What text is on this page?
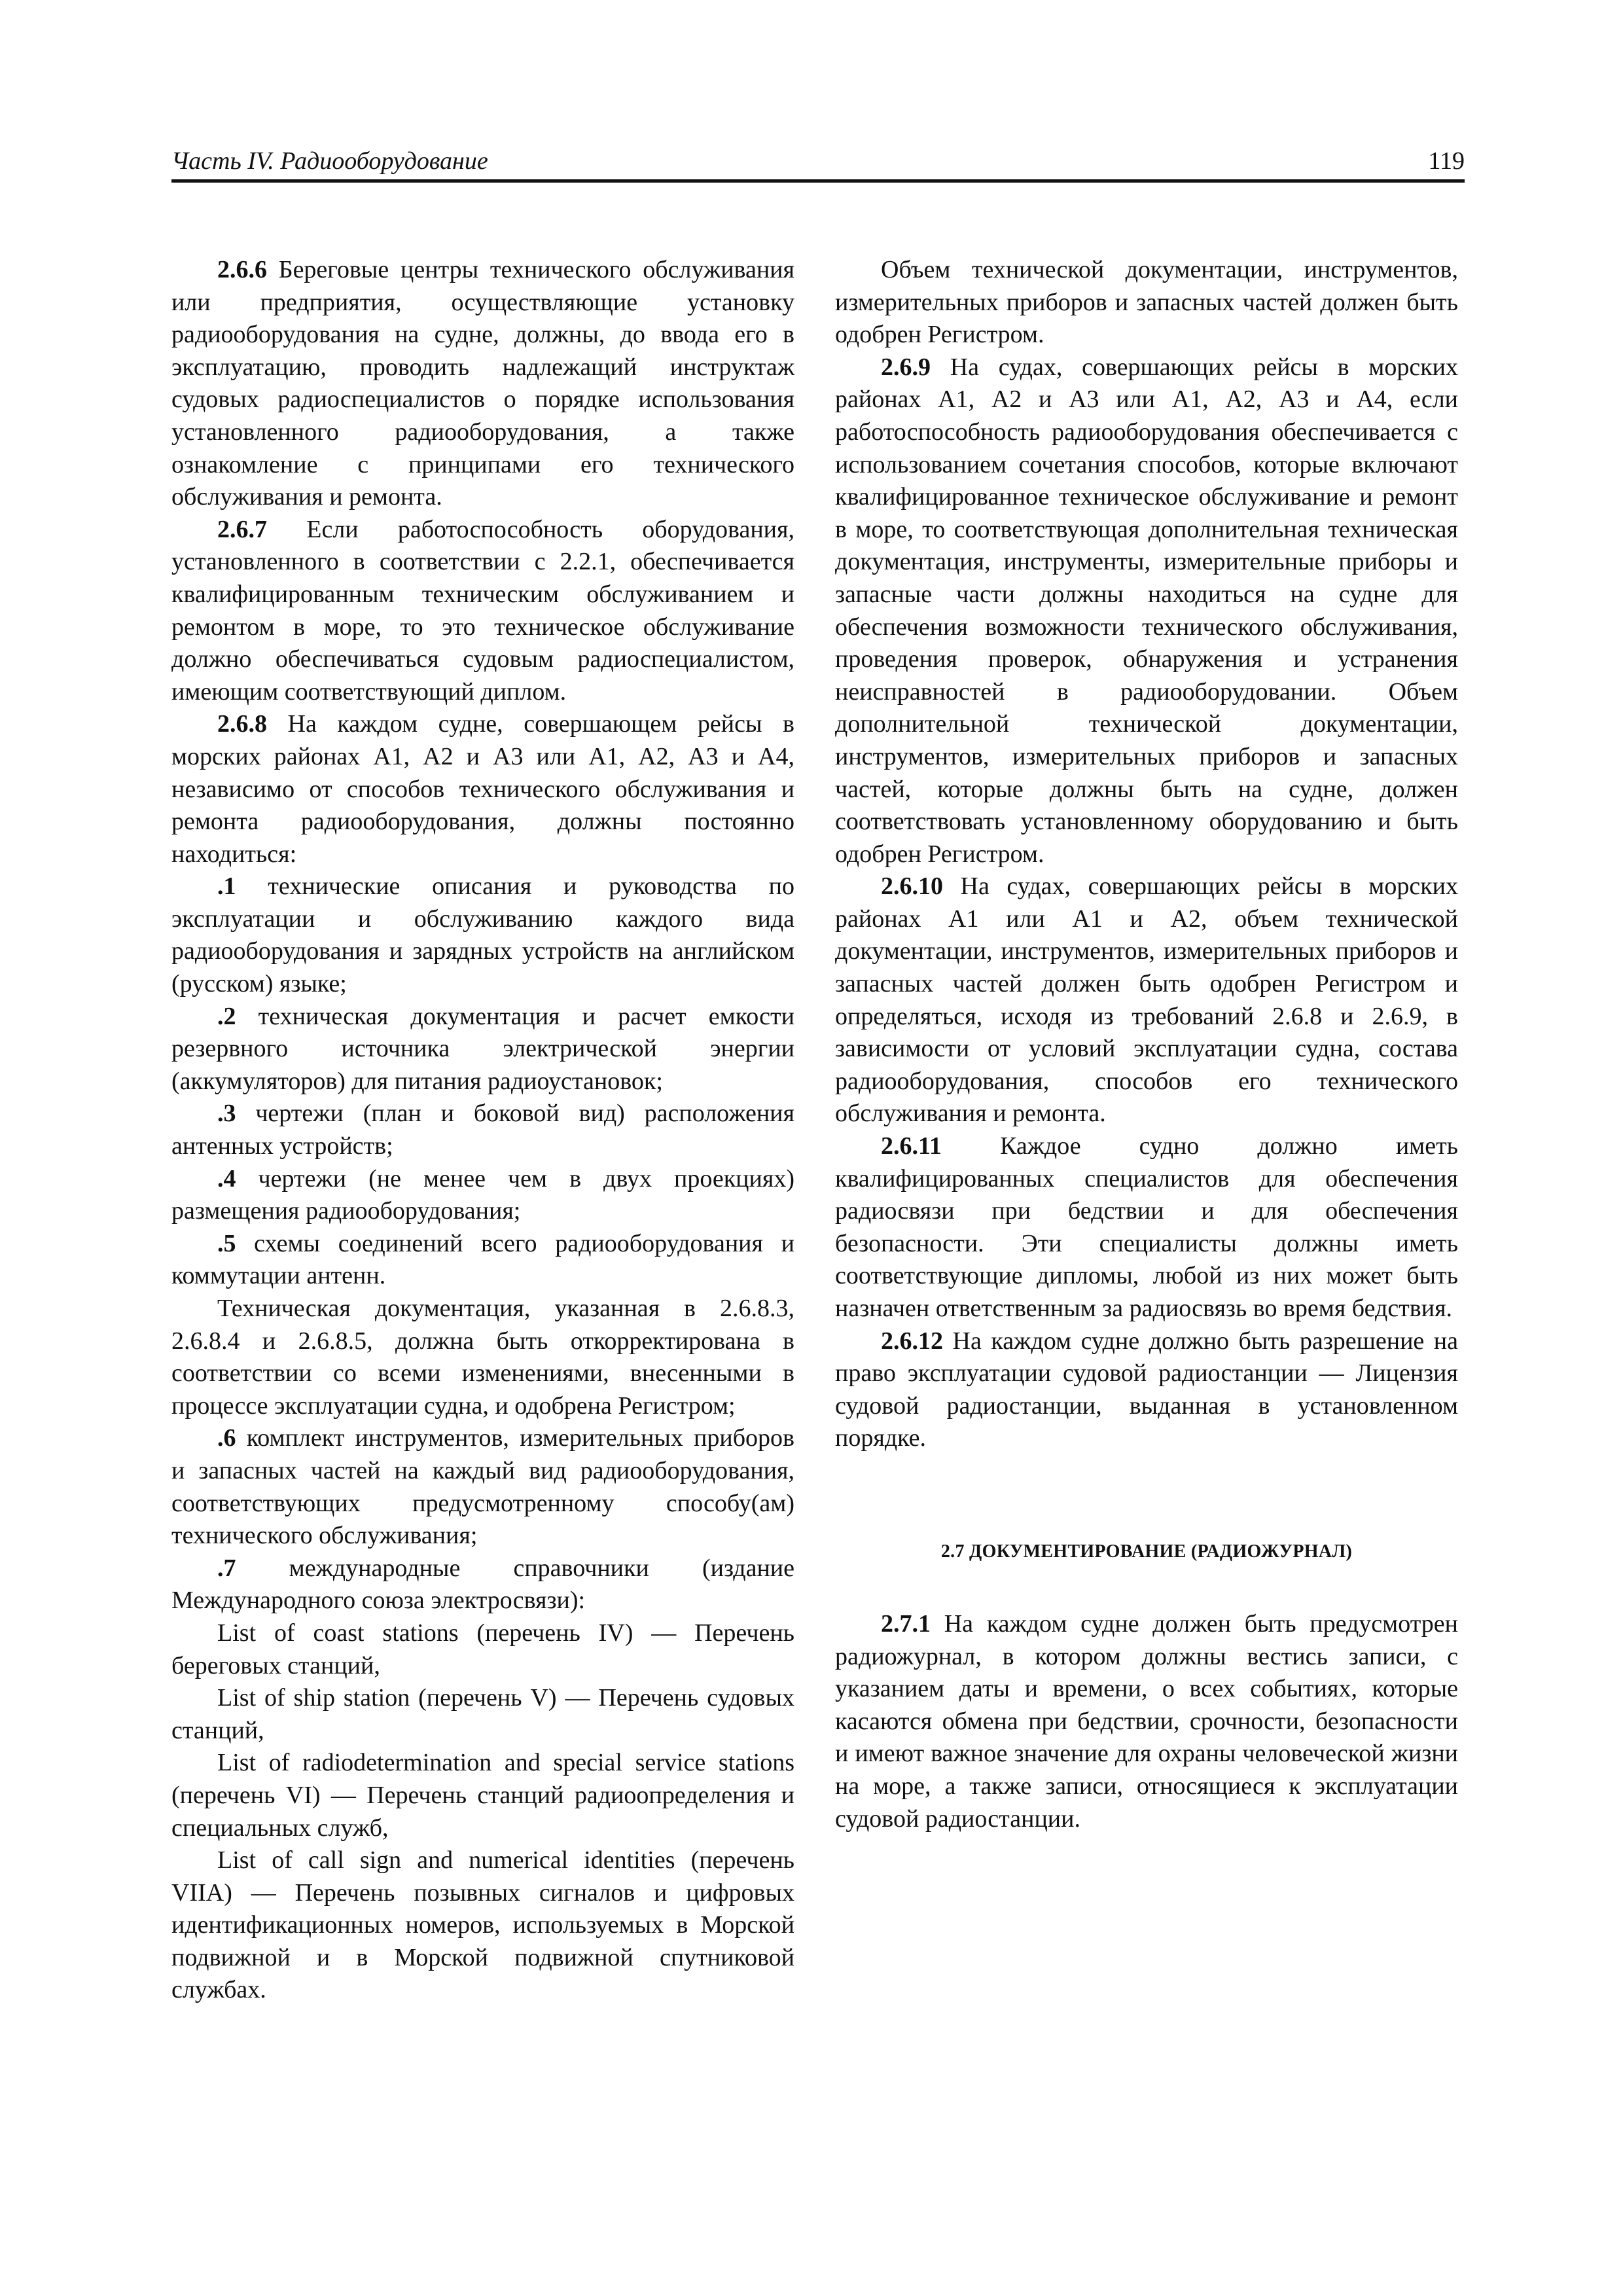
Часть IV. Радиооборудование	119

2.6.6 Береговые центры технического обслуживания или предприятия, осуществляющие установку радиооборудования на судне, должны, до ввода его в эксплуатацию, проводить надлежащий инструктаж судовых радиоспециалистов о порядке использования установленного радиооборудования, а также ознакомление с принципами его технического обслуживания и ремонта.

2.6.7 Если работоспособность оборудования, установленного в соответствии с 2.2.1, обеспечивается квалифицированным техническим обслуживанием и ремонтом в море, то это техническое обслуживание должно обеспечиваться судовым радиоспециалистом, имеющим соответствующий диплом.

2.6.8 На каждом судне, совершающем рейсы в морских районах А1, А2 и А3 или А1, А2, А3 и А4, независимо от способов технического обслуживания и ремонта радиооборудования, должны постоянно находиться:

.1 технические описания и руководства по эксплуатации и обслуживанию каждого вида радиооборудования и зарядных устройств на английском (русском) языке;

.2 техническая документация и расчет емкости резервного источника электрической энергии (аккумуляторов) для питания радиоустановок;

.3 чертежи (план и боковой вид) расположения антенных устройств;

.4 чертежи (не менее чем в двух проекциях) размещения радиооборудования;

.5 схемы соединений всего радиооборудования и коммутации антенн.

Техническая документация, указанная в 2.6.8.3, 2.6.8.4 и 2.6.8.5, должна быть откорректирована в соответствии со всеми изменениями, внесенными в процессе эксплуатации судна, и одобрена Регистром;

.6 комплект инструментов, измерительных приборов и запасных частей на каждый вид радиооборудования, соответствующих предусмотренному способу(ам) технического обслуживания;

.7 международные справочники (издание Международного союза электросвязи):

List of coast stations (перечень IV) — Перечень береговых станций,

List of ship station (перечень V) — Перечень судовых станций,

List of radiodetermination and special service stations (перечень VI) — Перечень станций радиоопределения и специальных служб,

List of call sign and numerical identities (перечень VIIA) — Перечень позывных сигналов и цифровых идентификационных номеров, используемых в Морской подвижной и в Морской подвижной спутниковой службах.

Объем технической документации, инструментов, измерительных приборов и запасных частей должен быть одобрен Регистром.

2.6.9 На судах, совершающих рейсы в морских районах А1, А2 и А3 или А1, А2, А3 и А4, если работоспособность радиооборудования обеспечивается с использованием сочетания способов, которые включают квалифицированное техническое обслуживание и ремонт в море, то соответствующая дополнительная техническая документация, инструменты, измерительные приборы и запасные части должны находиться на судне для обеспечения возможности технического обслуживания, проведения проверок, обнаружения и устранения неисправностей в радиооборудовании. Объем дополнительной технической документации, инструментов, измерительных приборов и запасных частей, которые должны быть на судне, должен соответствовать установленному оборудованию и быть одобрен Регистром.

2.6.10 На судах, совершающих рейсы в морских районах А1 или А1 и А2, объем технической документации, инструментов, измерительных приборов и запасных частей должен быть одобрен Регистром и определяться, исходя из требований 2.6.8 и 2.6.9, в зависимости от условий эксплуатации судна, состава радиооборудования, способов его технического обслуживания и ремонта.

2.6.11 Каждое судно должно иметь квалифицированных специалистов для обеспечения радиосвязи при бедствии и для обеспечения безопасности. Эти специалисты должны иметь соответствующие дипломы, любой из них может быть назначен ответственным за радиосвязь во время бедствия.

2.6.12 На каждом судне должно быть разрешение на право эксплуатации судовой радиостанции — Лицензия судовой радиостанции, выданная в установленном порядке.

2.7 ДОКУМЕНТИРОВАНИЕ (РАДИОЖУРНАЛ)

2.7.1 На каждом судне должен быть предусмотрен радиожурнал, в котором должны вестись записи, с указанием даты и времени, о всех событиях, которые касаются обмена при бедствии, срочности, безопасности и имеют важное значение для охраны человеческой жизни на море, а также записи, относящиеся к эксплуатации судовой радиостанции.
